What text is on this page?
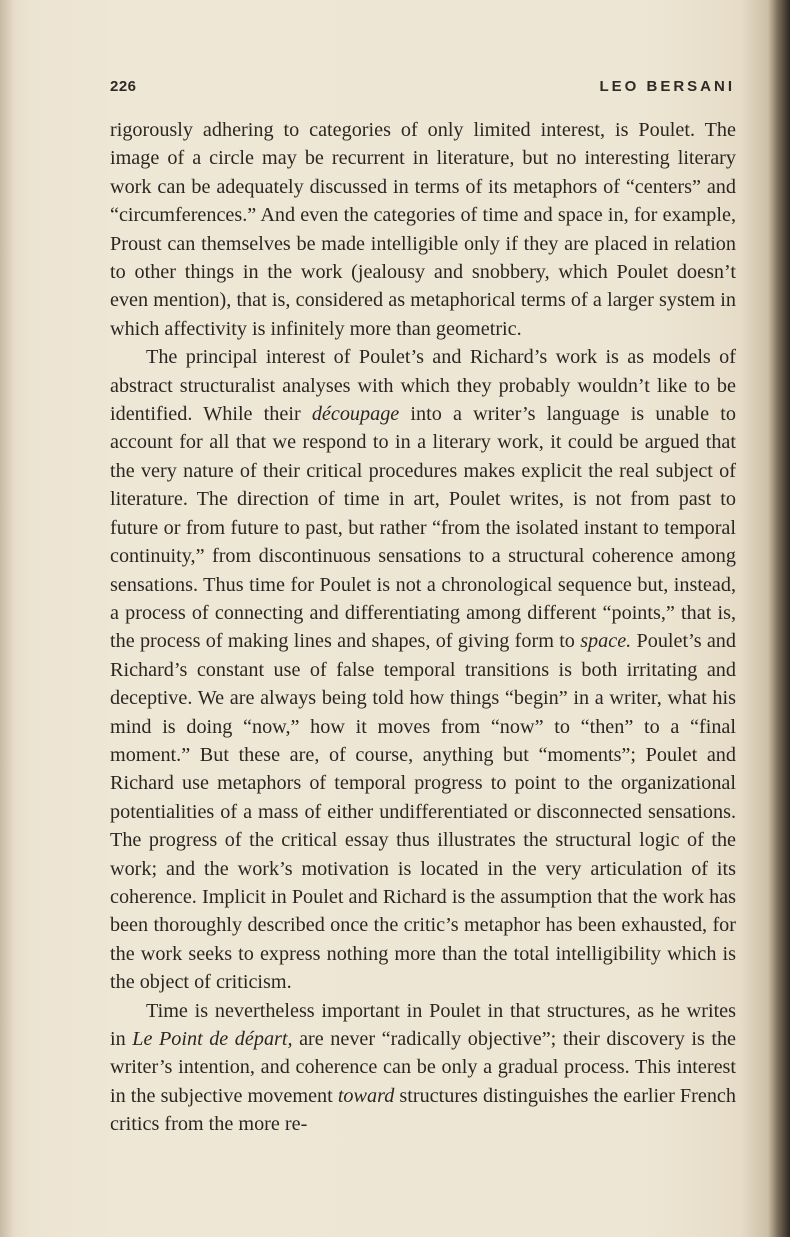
226	LEO BERSANI

rigorously adhering to categories of only limited interest, is Poulet. The image of a circle may be recurrent in literature, but no interesting literary work can be adequately discussed in terms of its metaphors of “centers” and “circumferences.” And even the categories of time and space in, for example, Proust can themselves be made intelligible only if they are placed in relation to other things in the work (jealousy and snobbery, which Poulet doesn’t even mention), that is, considered as metaphorical terms of a larger system in which affectivity is infinitely more than geometric.

The principal interest of Poulet’s and Richard’s work is as models of abstract structuralist analyses with which they probably wouldn’t like to be identified. While their découpage into a writer’s language is unable to account for all that we respond to in a literary work, it could be argued that the very nature of their critical procedures makes explicit the real subject of literature. The direction of time in art, Poulet writes, is not from past to future or from future to past, but rather “from the isolated instant to temporal continuity,” from discontinuous sensations to a structural coherence among sensations. Thus time for Poulet is not a chronological sequence but, instead, a process of connecting and differentiating among different “points,” that is, the process of making lines and shapes, of giving form to space. Poulet’s and Richard’s constant use of false temporal transitions is both irritating and deceptive. We are always being told how things “begin” in a writer, what his mind is doing “now,” how it moves from “now” to “then” to a “final moment.” But these are, of course, anything but “moments”; Poulet and Richard use metaphors of temporal progress to point to the organizational potentialities of a mass of either undifferentiated or disconnected sensations. The progress of the critical essay thus illustrates the structural logic of the work; and the work’s motivation is located in the very articulation of its coherence. Implicit in Poulet and Richard is the assumption that the work has been thoroughly described once the critic’s metaphor has been exhausted, for the work seeks to express nothing more than the total intelligibility which is the object of criticism.

Time is nevertheless important in Poulet in that structures, as he writes in Le Point de départ, are never “radically objective”; their discovery is the writer’s intention, and coherence can be only a gradual process. This interest in the subjective movement toward structures distinguishes the earlier French critics from the more re-
